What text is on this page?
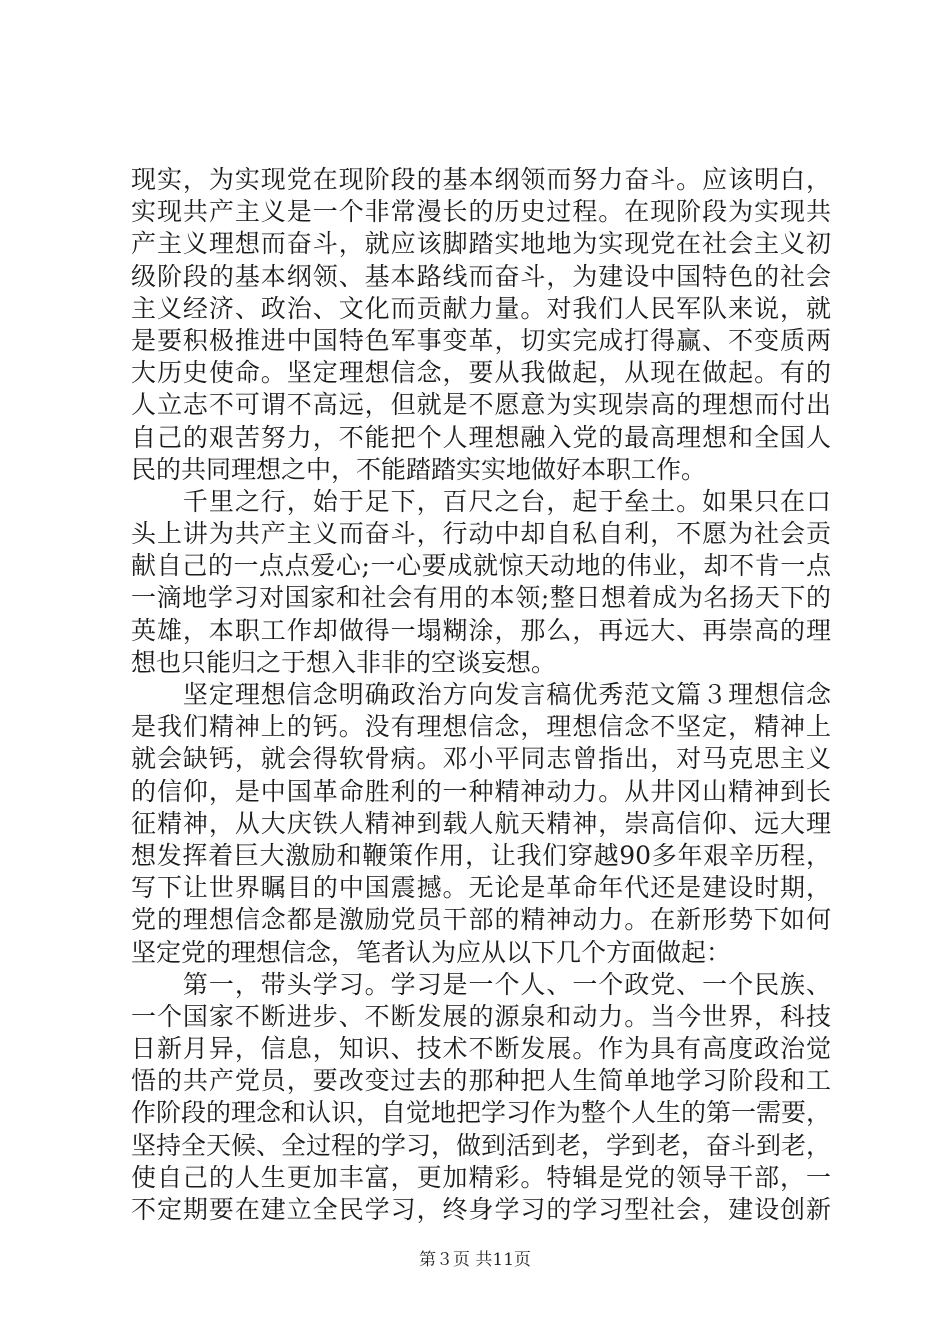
现实，为实现党在现阶段的基本纲领而努力奋斗。应该明白，
实现共产主义是一个非常漫长的历史过程。在现阶段为实现共
产主义理想而奋斗，就应该脚踏实地地为实现党在社会主义初
级阶段的基本纲领、基本路线而奋斗，为建设中国特色的社会
主义经济、政治、文化而贡献力量。对我们人民军队来说，就
是要积极推进中国特色军事变革，切实完成打得赢、不变质两
大历史使命。坚定理想信念，要从我做起，从现在做起。有的
人立志不可谓不高远，但就是不愿意为实现崇高的理想而付出
自己的艰苦努力，不能把个人理想融入党的最高理想和全国人
民的共同理想之中，不能踏踏实实地做好本职工作。
　　千里之行，始于足下，百尺之台，起于垒土。如果只在口
头上讲为共产主义而奋斗，行动中却自私自利，不愿为社会贡
献自己的一点点爱心;一心要成就惊天动地的伟业，却不肯一点
一滴地学习对国家和社会有用的本领;整日想着成为名扬天下的
英雄，本职工作却做得一塌糊涂，那么，再远大、再崇高的理
想也只能归之于想入非非的空谈妄想。
　　坚定理想信念明确政治方向发言稿优秀范文篇３理想信念
是我们精神上的钙。没有理想信念，理想信念不坚定，精神上
就会缺钙，就会得软骨病。邓小平同志曾指出，对马克思主义
的信仰，是中国革命胜利的一种精神动力。从井冈山精神到长
征精神，从大庆铁人精神到载人航天精神，崇高信仰、远大理
想发挥着巨大激励和鞭策作用，让我们穿越90多年艰辛历程，
写下让世界瞩目的中国震撼。无论是革命年代还是建设时期，
党的理想信念都是激励党员干部的精神动力。在新形势下如何
坚定党的理想信念，笔者认为应从以下几个方面做起：
　　第一，带头学习。学习是一个人、一个政党、一个民族、
一个国家不断进步、不断发展的源泉和动力。当今世界，科技
日新月异，信息，知识、技术不断发展。作为具有高度政治觉
悟的共产党员，要改变过去的那种把人生简单地学习阶段和工
作阶段的理念和认识，自觉地把学习作为整个人生的第一需要，
坚持全天候、全过程的学习，做到活到老，学到老，奋斗到老，
使自己的人生更加丰富，更加精彩。特辑是党的领导干部，一
不定期要在建立全民学习，终身学习的学习型社会，建设创新
第３页 共11页
